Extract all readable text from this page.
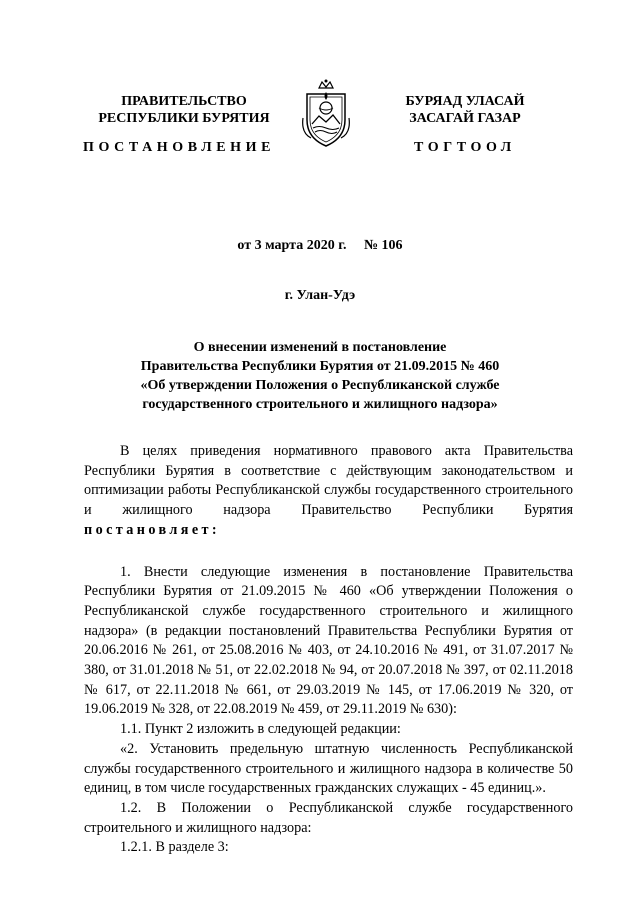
ПРАВИТЕЛЬСТВО
РЕСПУБЛИКИ БУРЯТИЯ
ПОСТАНОВЛЕНИЕ
БУРЯАД УЛАСАЙ
ЗАСАГАЙ ГАЗАР
ТОГТООЛ
от 3 марта 2020 г.     № 106
г. Улан-Удэ
О внесении изменений в постановление
Правительства Республики Бурятия от 21.09.2015 № 460
«Об утверждении Положения о Республиканской службе
государственного строительного и жилищного надзора»

В целях приведения нормативного правового акта Правительства Республики Бурятия в соответствие с действующим законодательством и оптимизации работы Республиканской службы государственного строительного и жилищного надзора Правительство Республики Бурятия постановляет:

1. Внести следующие изменения в постановление Правительства Республики Бурятия от 21.09.2015 № 460 «Об утверждении Положения о Республиканской службе государственного строительного и жилищного надзора» (в редакции постановлений Правительства Республики Бурятия от 20.06.2016 № 261, от 25.08.2016 № 403, от 24.10.2016 № 491, от 31.07.2017 № 380, от 31.01.2018 № 51, от 22.02.2018 № 94, от 20.07.2018 № 397, от 02.11.2018 № 617, от 22.11.2018 № 661, от 29.03.2019 № 145, от 17.06.2019 № 320, от 19.06.2019 № 328, от 22.08.2019 № 459, от 29.11.2019 № 630):

1.1. Пункт 2 изложить в следующей редакции:

«2. Установить предельную штатную численность Республиканской службы государственного строительного и жилищного надзора в количестве 50 единиц, в том числе государственных гражданских служащих - 45 единиц.».

1.2. В Положении о Республиканской службе государственного строительного и жилищного надзора:

1.2.1. В разделе 3:
